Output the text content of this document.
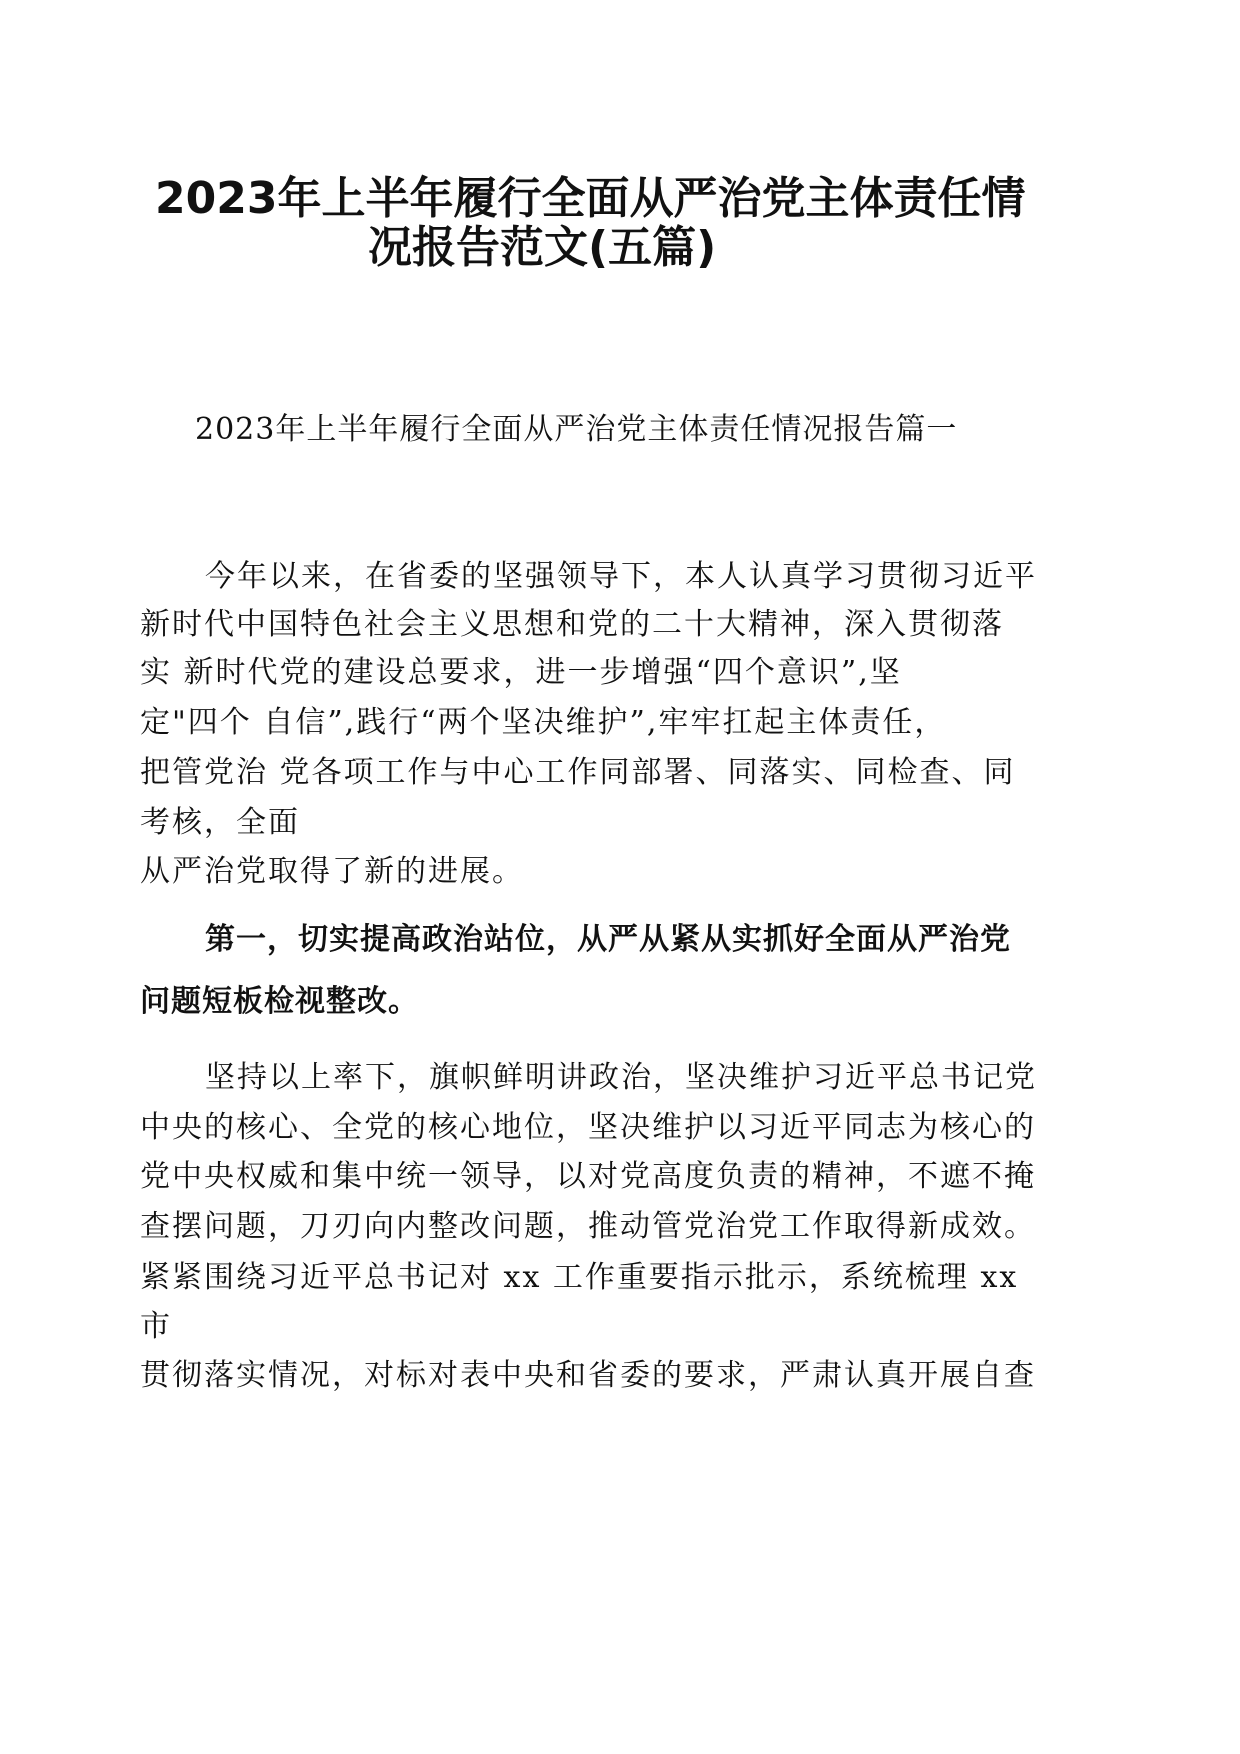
2023年上半年履行全面从严治党主体责任情
况报告范文(五篇)
2023年上半年履行全面从严治党主体责任情况报告篇一
今年以来，在省委的坚强领导下，本人认真学习贯彻习近平
新时代中国特色社会主义思想和党的二十大精神，深入贯彻落
实 新时代党的建设总要求，进一步增强“四个意识”,坚
定"四个 自信”,践行“两个坚决维护”,牢牢扛起主体责任，
把管党治 党各项工作与中心工作同部署、同落实、同检查、同
考核，全面
从严治党取得了新的进展。
第一，切实提高政治站位，从严从紧从实抓好全面从严治党
问题短板检视整改。
坚持以上率下，旗帜鲜明讲政治，坚决维护习近平总书记党
中央的核心、全党的核心地位，坚决维护以习近平同志为核心的
党中央权威和集中统一领导，以对党高度负责的精神，不遮不掩
查摆问题，刀刃向内整改问题，推动管党治党工作取得新成效。
紧紧围绕习近平总书记对 xx 工作重要指示批示，系统梳理 xx
市
贯彻落实情况，对标对表中央和省委的要求，严肃认真开展自查
